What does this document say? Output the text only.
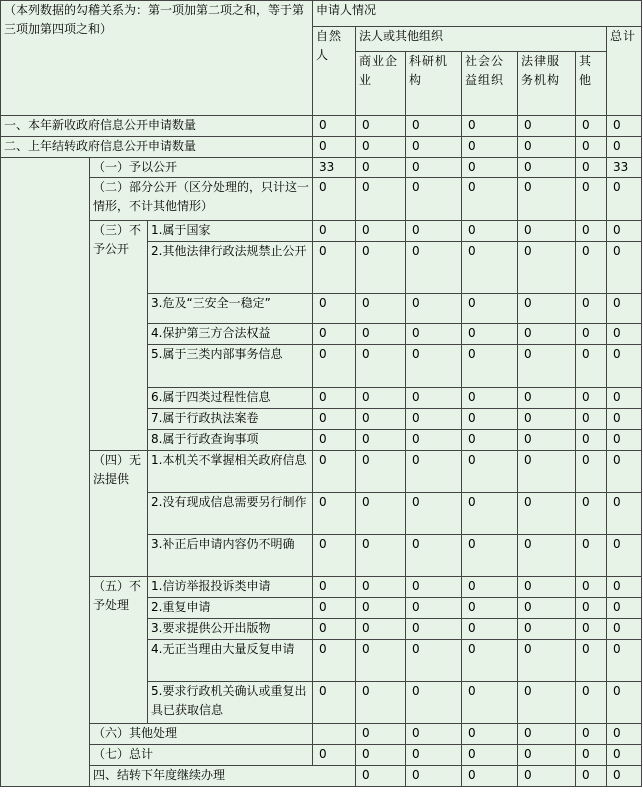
（本列数据的勾稽关系为：第一项加第二项之和，等于第三项加第四项之和）			申请人情况							
			自然人	法人或其他组织					总计	
				商业企业	科研机构	社会公益组织	法律服务机构	其他		
一、本年新收政府信息公开申请数量			0	0	0	0	0	0	0	
二、上年结转政府信息公开申请数量			0	0	0	0	0	0	0	
	（一）予以公开		33	0	0	0	0	0	33	
	（二）部分公开（区分处理的，只计这一情形，不计其他情形）		0	0	0	0	0	0	0	
	（三）不予公开	1.属于国家	0	0	0	0	0	0	0	
		2.其他法律行政法规禁止公开	0	0	0	0	0	0	0	
		3.危及“三安全一稳定”	0	0	0	0	0	0	0	
		4.保护第三方合法权益	0	0	0	0	0	0	0	
		5.属于三类内部事务信息	0	0	0	0	0	0	0	
		6.属于四类过程性信息	0	0	0	0	0	0	0	
		7.属于行政执法案卷	0	0	0	0	0	0	0	
		8.属于行政查询事项	0	0	0	0	0	0	0	
	（四）无法提供	1.本机关不掌握相关政府信息	0	0	0	0	0	0	0	
		2.没有现成信息需要另行制作	0	0	0	0	0	0	0	
		3.补正后申请内容仍不明确	0	0	0	0	0	0	0	
	（五）不予处理	1.信访举报投诉类申请	0	0	0	0	0	0	0	
		2.重复申请	0	0	0	0	0	0	0	
		3.要求提供公开出版物	0	0	0	0	0	0	0	
		4.无正当理由大量反复申请	0	0	0	0	0	0	0	
		5.要求行政机关确认或重复出具已获取信息	0	0	0	0	0	0	0	
	（六）其他处理			0	0	0	0	0	0	
	（七）总计		0	0	0	0	0	0	0	
	四、结转下年度继续办理			0	0	0	0	0	0	
